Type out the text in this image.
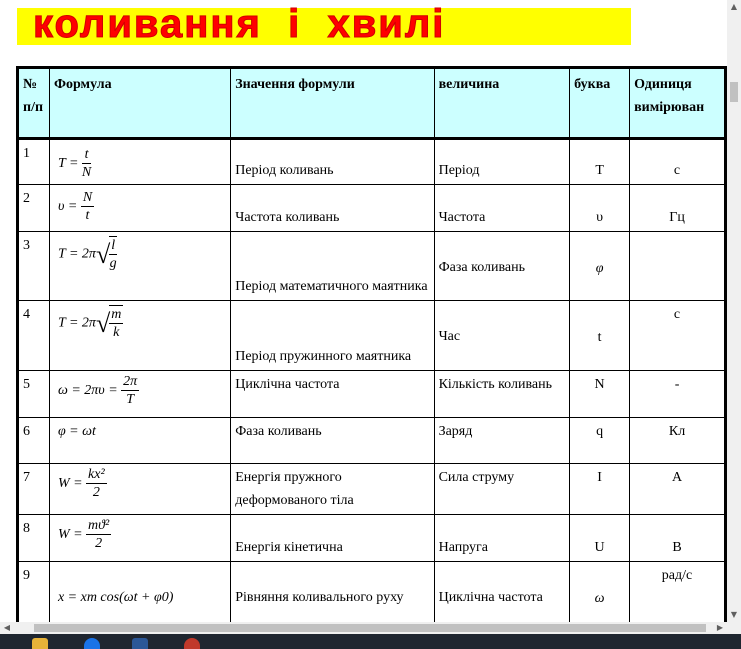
коливання  і  хвилі
№ п/п	Формула	Значення формули	величина	буква	Одиниця вимірюван
1	$T = \frac{t}{N}$	Період коливань	Період	T	с
2	$\upsilon = \frac{N}{t}$	Частота коливань	Частота	υ	Гц
3	$T = 2\pi√ \frac{l}{g}$	Період математичного маятника	Фаза коливань	φ	
4	$T = 2\pi√ \frac{m}{k}$	Період пружинного маятника	Час	t	с
5	$\omega = 2\pi\upsilon = \frac{2\pi}{T}$	Циклічна частота	Кількість коливань	N	-
6	φ = ωt	Фаза коливань	Заряд	q	Кл
7	$W = \frac{\text{kx²}}{2}$	Енергія пружного деформованого тіла	Сила струму	I	А
8	$W = \frac{\text{mϑ²}}{2}$	Енергія кінетична	Напруга	U	В
9	x = xm cos(ωt + φ0)	Рівняння коливального руху	Циклічна частота	ω	рад/с
▲
▼
◀	▶
